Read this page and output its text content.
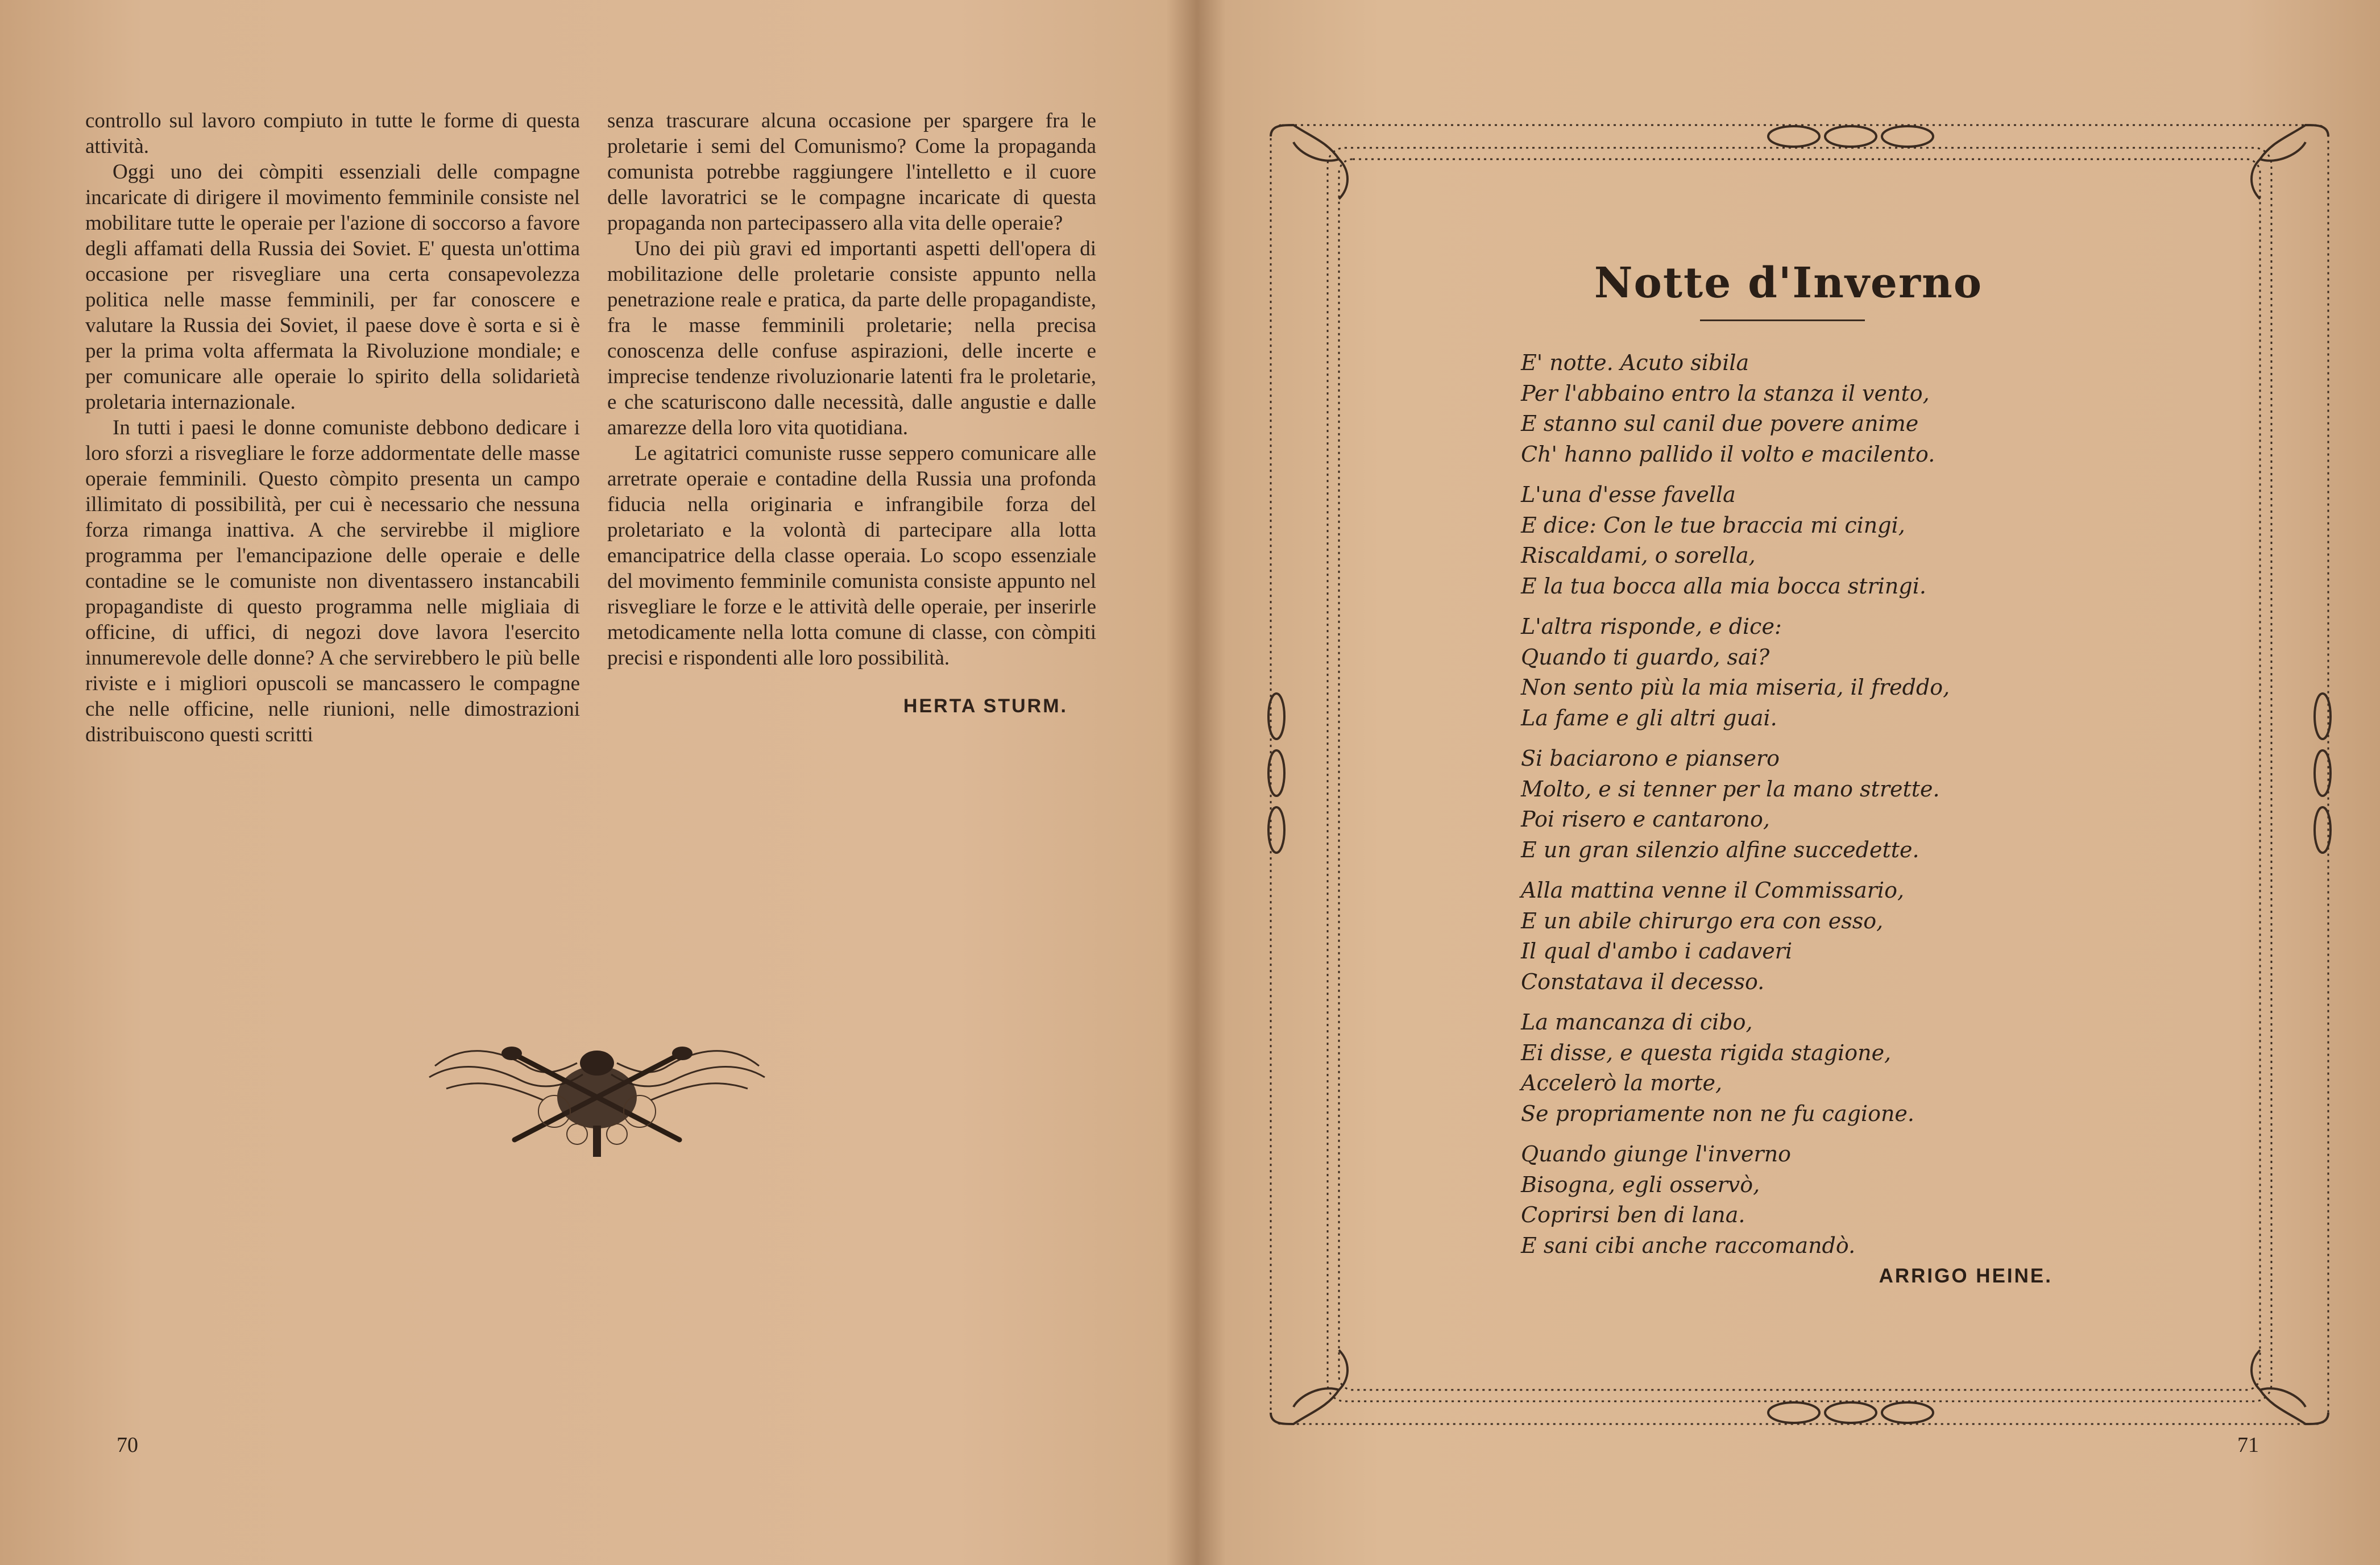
controllo sul lavoro compiuto in tutte le forme di questa attività.

Oggi uno dei còmpiti essenziali delle compagne incaricate di dirigere il movimento femminile consiste nel mobilitare tutte le operaie per l'azione di soccorso a favore degli affamati della Russia dei Soviet. E' questa un'ottima occasione per risvegliare una certa consapevolezza politica nelle masse femminili, per far conoscere e valutare la Russia dei Soviet, il paese dove è sorta e si è per la prima volta affermata la Rivoluzione mondiale; e per comunicare alle operaie lo spirito della solidarietà proletaria internazionale.

In tutti i paesi le donne comuniste debbono dedicare i loro sforzi a risvegliare le forze addormentate delle masse operaie femminili. Questo còmpito presenta un campo illimitato di possibilità, per cui è necessario che nessuna forza rimanga inattiva. A che servirebbe il migliore programma per l'emancipazione delle operaie e delle contadine se le comuniste non diventassero instancabili propagandiste di questo programma nelle migliaia di officine, di uffici, di negozi dove lavora l'esercito innumerevole delle donne? A che servirebbero le più belle riviste e i migliori opuscoli se mancassero le compagne che nelle officine, nelle riunioni, nelle dimostrazioni distribuiscono questi scritti

senza trascurare alcuna occasione per spargere fra le proletarie i semi del Comunismo? Come la propaganda comunista potrebbe raggiungere l'intelletto e il cuore delle lavoratrici se le compagne incaricate di questa propaganda non partecipassero alla vita delle operaie?

Uno dei più gravi ed importanti aspetti dell'opera di mobilitazione delle proletarie consiste appunto nella penetrazione reale e pratica, da parte delle propagandiste, fra le masse femminili proletarie; nella precisa conoscenza delle confuse aspirazioni, delle incerte e imprecise tendenze rivoluzionarie latenti fra le proletarie, e che scaturiscono dalle necessità, dalle angustie e dalle amarezze della loro vita quotidiana.

Le agitatrici comuniste russe seppero comunicare alle arretrate operaie e contadine della Russia una profonda fiducia nella originaria e infrangibile forza del proletariato e la volontà di partecipare alla lotta emancipatrice della classe operaia. Lo scopo essenziale del movimento femminile comunista consiste appunto nel risvegliare le forze e le attività delle operaie, per inserirle metodicamente nella lotta comune di classe, con còmpiti precisi e rispondenti alle loro possibilità.

HERTA STURM.
70
Notte d'Inverno
E' notte. Acuto sibila
Per l'abbaino entro la stanza il vento,
E stanno sul canil due povere anime
Ch' hanno pallido il volto e macilento.
L'una d'esse favella
E dice: Con le tue braccia mi cingi,
Riscaldami, o sorella,
E la tua bocca alla mia bocca stringi.
L'altra risponde, e dice:
Quando ti guardo, sai?
Non sento più la mia miseria, il freddo,
La fame e gli altri guai.
Si baciarono e piansero
Molto, e si tenner per la mano strette.
Poi risero e cantarono,
E un gran silenzio alfine succedette.
Alla mattina venne il Commissario,
E un abile chirurgo era con esso,
Il qual d'ambo i cadaveri
Constatava il decesso.
La mancanza di cibo,
Ei disse, e questa rigida stagione,
Accelerò la morte,
Se propriamente non ne fu cagione.
Quando giunge l'inverno
Bisogna, egli osservò,
Coprirsi ben di lana.
E sani cibi anche raccomandò.
ARRIGO HEINE.
71
